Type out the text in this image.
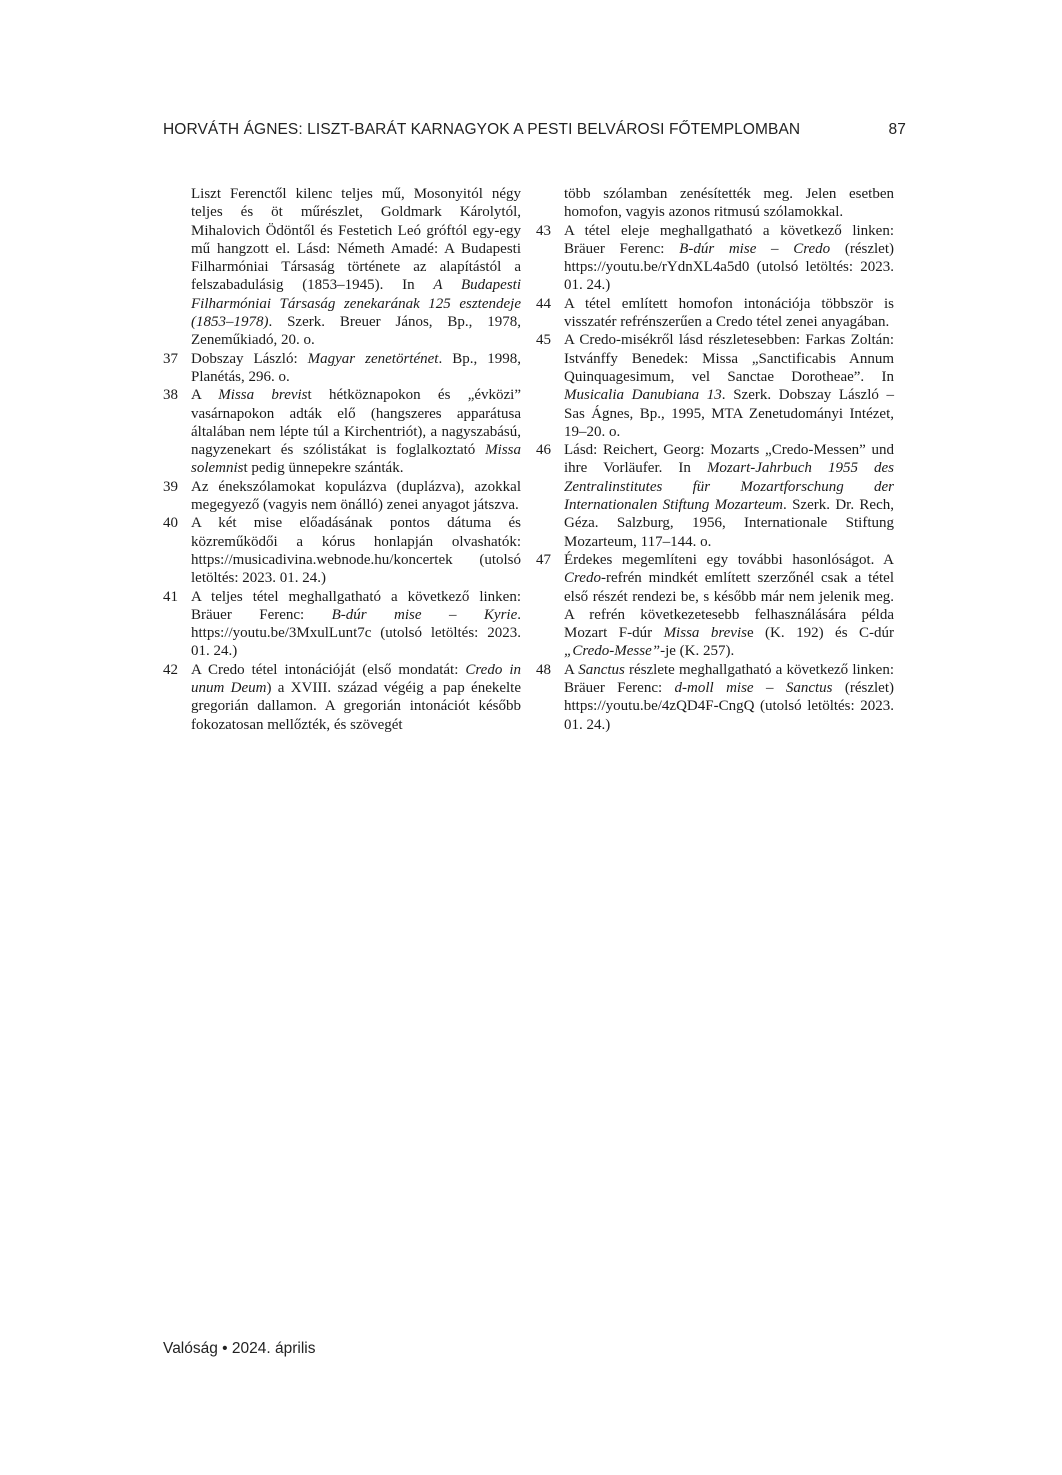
HORVÁTH ÁGNES: LISZT-BARÁT KARNAGYOK A PESTI BELVÁROSI FŐTEMPLOMBAN	87
Liszt Ferenctől kilenc teljes mű, Mosonyitól négy teljes és öt műrészlet, Goldmark Károlytól, Mihalovich Ödöntől és Festetich Leó gróftól egy-egy mű hangzott el. Lásd: Németh Amadé: A Budapesti Filharmóniai Társaság története az alapítástól a felszabadulásig (1853–1945). In A Budapesti Filharmóniai Társaság zenekarának 125 esztendeje (1853–1978). Szerk. Breuer János, Bp., 1978, Zeneműkiadó, 20. o.
37 Dobszay László: Magyar zenetörténet. Bp., 1998, Planétás, 296. o.
38 A Missa brevist hétköznapokon és „évközi” vasárnapokon adták elő (hangszeres apparátusa általában nem lépte túl a Kirchentriót), a nagyszabású, nagyzenekart és szólistákat is foglalkoztató Missa solemnist pedig ünnepekre szánták.
39 Az énekszólamokat kopulázva (duplázva), azokkal megegyező (vagyis nem önálló) zenei anyagot játszva.
40 A két mise előadásának pontos dátuma és közreműködői a kórus honlapján olvashatók: https://musicadivina.webnode.hu/koncertek (utolsó letöltés: 2023. 01. 24.)
41 A teljes tétel meghallgatható a következő linken: Bräuer Ferenc: B-dúr mise – Kyrie. https://youtu.be/3MxulLunt7c (utolsó letöltés: 2023. 01. 24.)
42 A Credo tétel intonációját (első mondatát: Credo in unum Deum) a XVIII. század végéig a pap énekelte gregorián dallamon. A gregorián intonációt később fokozatosan mellőzték, és szövegét
több szólamban zenésítették meg. Jelen esetben homofon, vagyis azonos ritmusú szólamokkal.
43 A tétel eleje meghallgatható a következő linken: Bräuer Ferenc: B-dúr mise – Credo (részlet) https://youtu.be/rYdnXL4a5d0 (utolsó letöltés: 2023. 01. 24.)
44 A tétel említett homofon intonációja többször is visszatér refrénszerűen a Credo tétel zenei anyagában.
45 A Credo-misékről lásd részletesebben: Farkas Zoltán: Istvánffy Benedek: Missa „Sanctificabis Annum Quinquagesimum, vel Sanctae Dorotheae”. In Musicalia Danubiana 13. Szerk. Dobszay László – Sas Ágnes, Bp., 1995, MTA Zenetudományi Intézet, 19–20. o.
46 Lásd: Reichert, Georg: Mozarts „Credo-Messen” und ihre Vorläufer. In Mozart-Jahrbuch 1955 des Zentralinstitutes für Mozartforschung der Internationalen Stiftung Mozarteum. Szerk. Dr. Rech, Géza. Salzburg, 1956, Internationale Stiftung Mozarteum, 117–144. o.
47 Érdekes megemlíteni egy további hasonlóságot. A Credo-refrén mindkét említett szerzőnél csak a tétel első részét rendezi be, s később már nem jelenik meg. A refrén következetesebb felhasználására példa Mozart F-dúr Missa brevise (K. 192) és C-dúr „Credo-Messe”-je (K. 257).
48 A Sanctus részlete meghallgatható a következő linken: Bräuer Ferenc: d-moll mise – Sanctus (részlet) https://youtu.be/4zQD4F-CngQ (utolsó letöltés: 2023. 01. 24.)
Valóság • 2024. április
